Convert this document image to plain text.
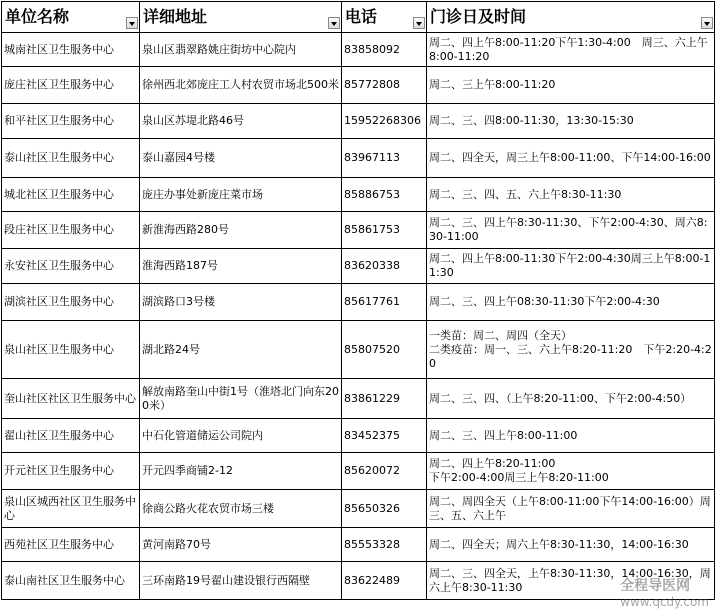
单位名称	详细地址	电话	门诊日及时间

城南社区卫生服务中心	泉山区翡翠路姚庄街坊中心院内	83858092	周二、四上午8:00-11:20下午1:30-4:00　周三、六上午8:00-11:20
庞庄社区卫生服务中心	徐州西北郊庞庄工人村农贸市场北500米	85772808	周二、三上午8:00-11:20
和平社区卫生服务中心	泉山区苏堤北路46号	15952268306	周二、三、四8:00-11:30，13:30-15:30
泰山社区卫生服务中心	泰山嘉园4号楼	83967113	周二、四全天，周三上午8:00-11:00、下午14:00-16:00
城北社区卫生服务中心	庞庄办事处新庞庄菜市场	85886753	周二、三、四、五、六上午8:30-11:30
段庄社区卫生服务中心	新淮海西路280号	85861753	周二、三、四上午8:30-11:30、下午2:00-4:30、周六8:30-11:00
永安社区卫生服务中心	淮海西路187号	83620338	周二、四上午8:00-11:30下午2:00-4:30周三上午8:00-11:30
湖滨社区卫生服务中心	湖滨路口3号楼	85617761	周二、三、四上午08:30-11:30下午2:00-4:30
泉山社区卫生服务中心	湖北路24号	85807520	一类苗：周二、周四（全天）
二类疫苗：周一、三、六上午8:20-11:20　下午2:20-4:20
奎山社区社区卫生服务中心	解放南路奎山中街1号（淮塔北门向东200米）	83861229	周二、三、四、（上午8:20-11:00、下午2:00-4:50）
翟山社区卫生服务中心	中石化管道储运公司院内	83452375	周二、三、四上午8:00-11:00
开元社区卫生服务中心	开元四季商铺2-12	85620072	周二、四上午8:20-11:00
下午2:00-4:00周三上午8:20-11:00
泉山区城西社区卫生服务中心	徐商公路火花农贸市场三楼	85650326	周二、周四全天（上午8:00-11:00下午14:00-16:00）周三、五、六上午
西苑社区卫生服务中心	黄河南路70号	85553328	周二、四全天；周六上午8:30-11:30，14:00-16:30
泰山南社区卫生服务中心	三环南路19号翟山建设银行西隔壁	83622489	周二、三、四全天，上午8:30-11:30，14:00-16:30，周六上午8:30-11:30	全程导医网
www.qcdy.com
